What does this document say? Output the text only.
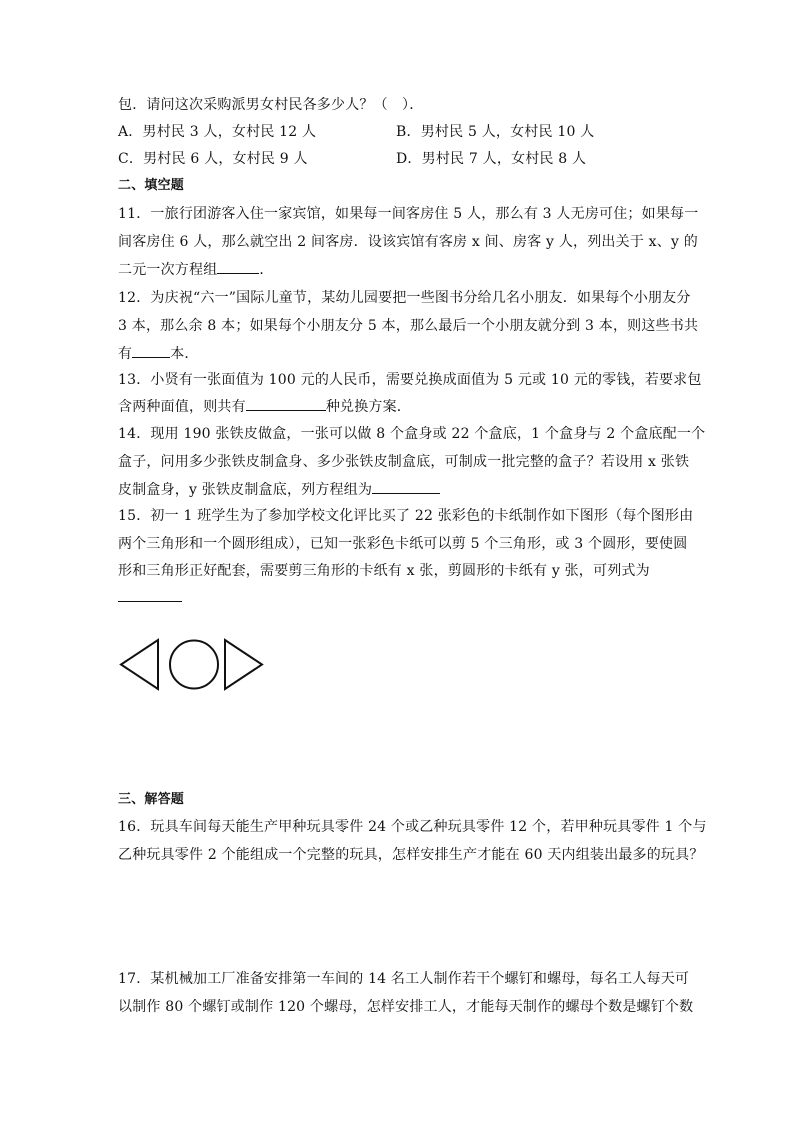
包．请问这次采购派男女村民各多少人？（　）．
A．男村民 3 人，女村民 12 人	B．男村民 5 人，女村民 10 人
C．男村民 6 人，女村民 9 人	D．男村民 7 人，女村民 8 人
二、填空题
11．一旅行团游客入住一家宾馆，如果每一间客房住 5 人，那么有 3 人无房可住；如果每一
间客房住 6 人，那么就空出 2 间客房．设该宾馆有客房 x 间、房客 y 人，列出关于 x、y 的
二元一次方程组	．
12．为庆祝“六一”国际儿童节，某幼儿园要把一些图书分给几名小朋友．如果每个小朋友分
3 本，那么余 8 本；如果每个小朋友分 5 本，那么最后一个小朋友就分到 3 本，则这些书共
有	本．
13．小贤有一张面值为 100 元的人民币，需要兑换成面值为 5 元或 10 元的零钱，若要求包
含两种面值，则共有	种兑换方案．
14．现用 190 张铁皮做盒，一张可以做 8 个盒身或 22 个盒底，1 个盒身与 2 个盒底配一个
盒子，问用多少张铁皮制盒身、多少张铁皮制盒底，可制成一批完整的盒子？若设用 x 张铁
皮制盒身，y 张铁皮制盒底，列方程组为
15．初一 1 班学生为了参加学校文化评比买了 22 张彩色的卡纸制作如下图形（每个图形由
两个三角形和一个圆形组成），已知一张彩色卡纸可以剪 5 个三角形，或 3 个圆形，要使圆
形和三角形正好配套，需要剪三角形的卡纸有 x 张，剪圆形的卡纸有 y 张，可列式为
三、解答题
16．玩具车间每天能生产甲种玩具零件 24 个或乙种玩具零件 12 个，若甲种玩具零件 1 个与
乙种玩具零件 2 个能组成一个完整的玩具，怎样安排生产才能在 60 天内组装出最多的玩具？
17．某机械加工厂准备安排第一车间的 14 名工人制作若干个螺钉和螺母，每名工人每天可
以制作 80 个螺钉或制作 120 个螺母，怎样安排工人，才能每天制作的螺母个数是螺钉个数
